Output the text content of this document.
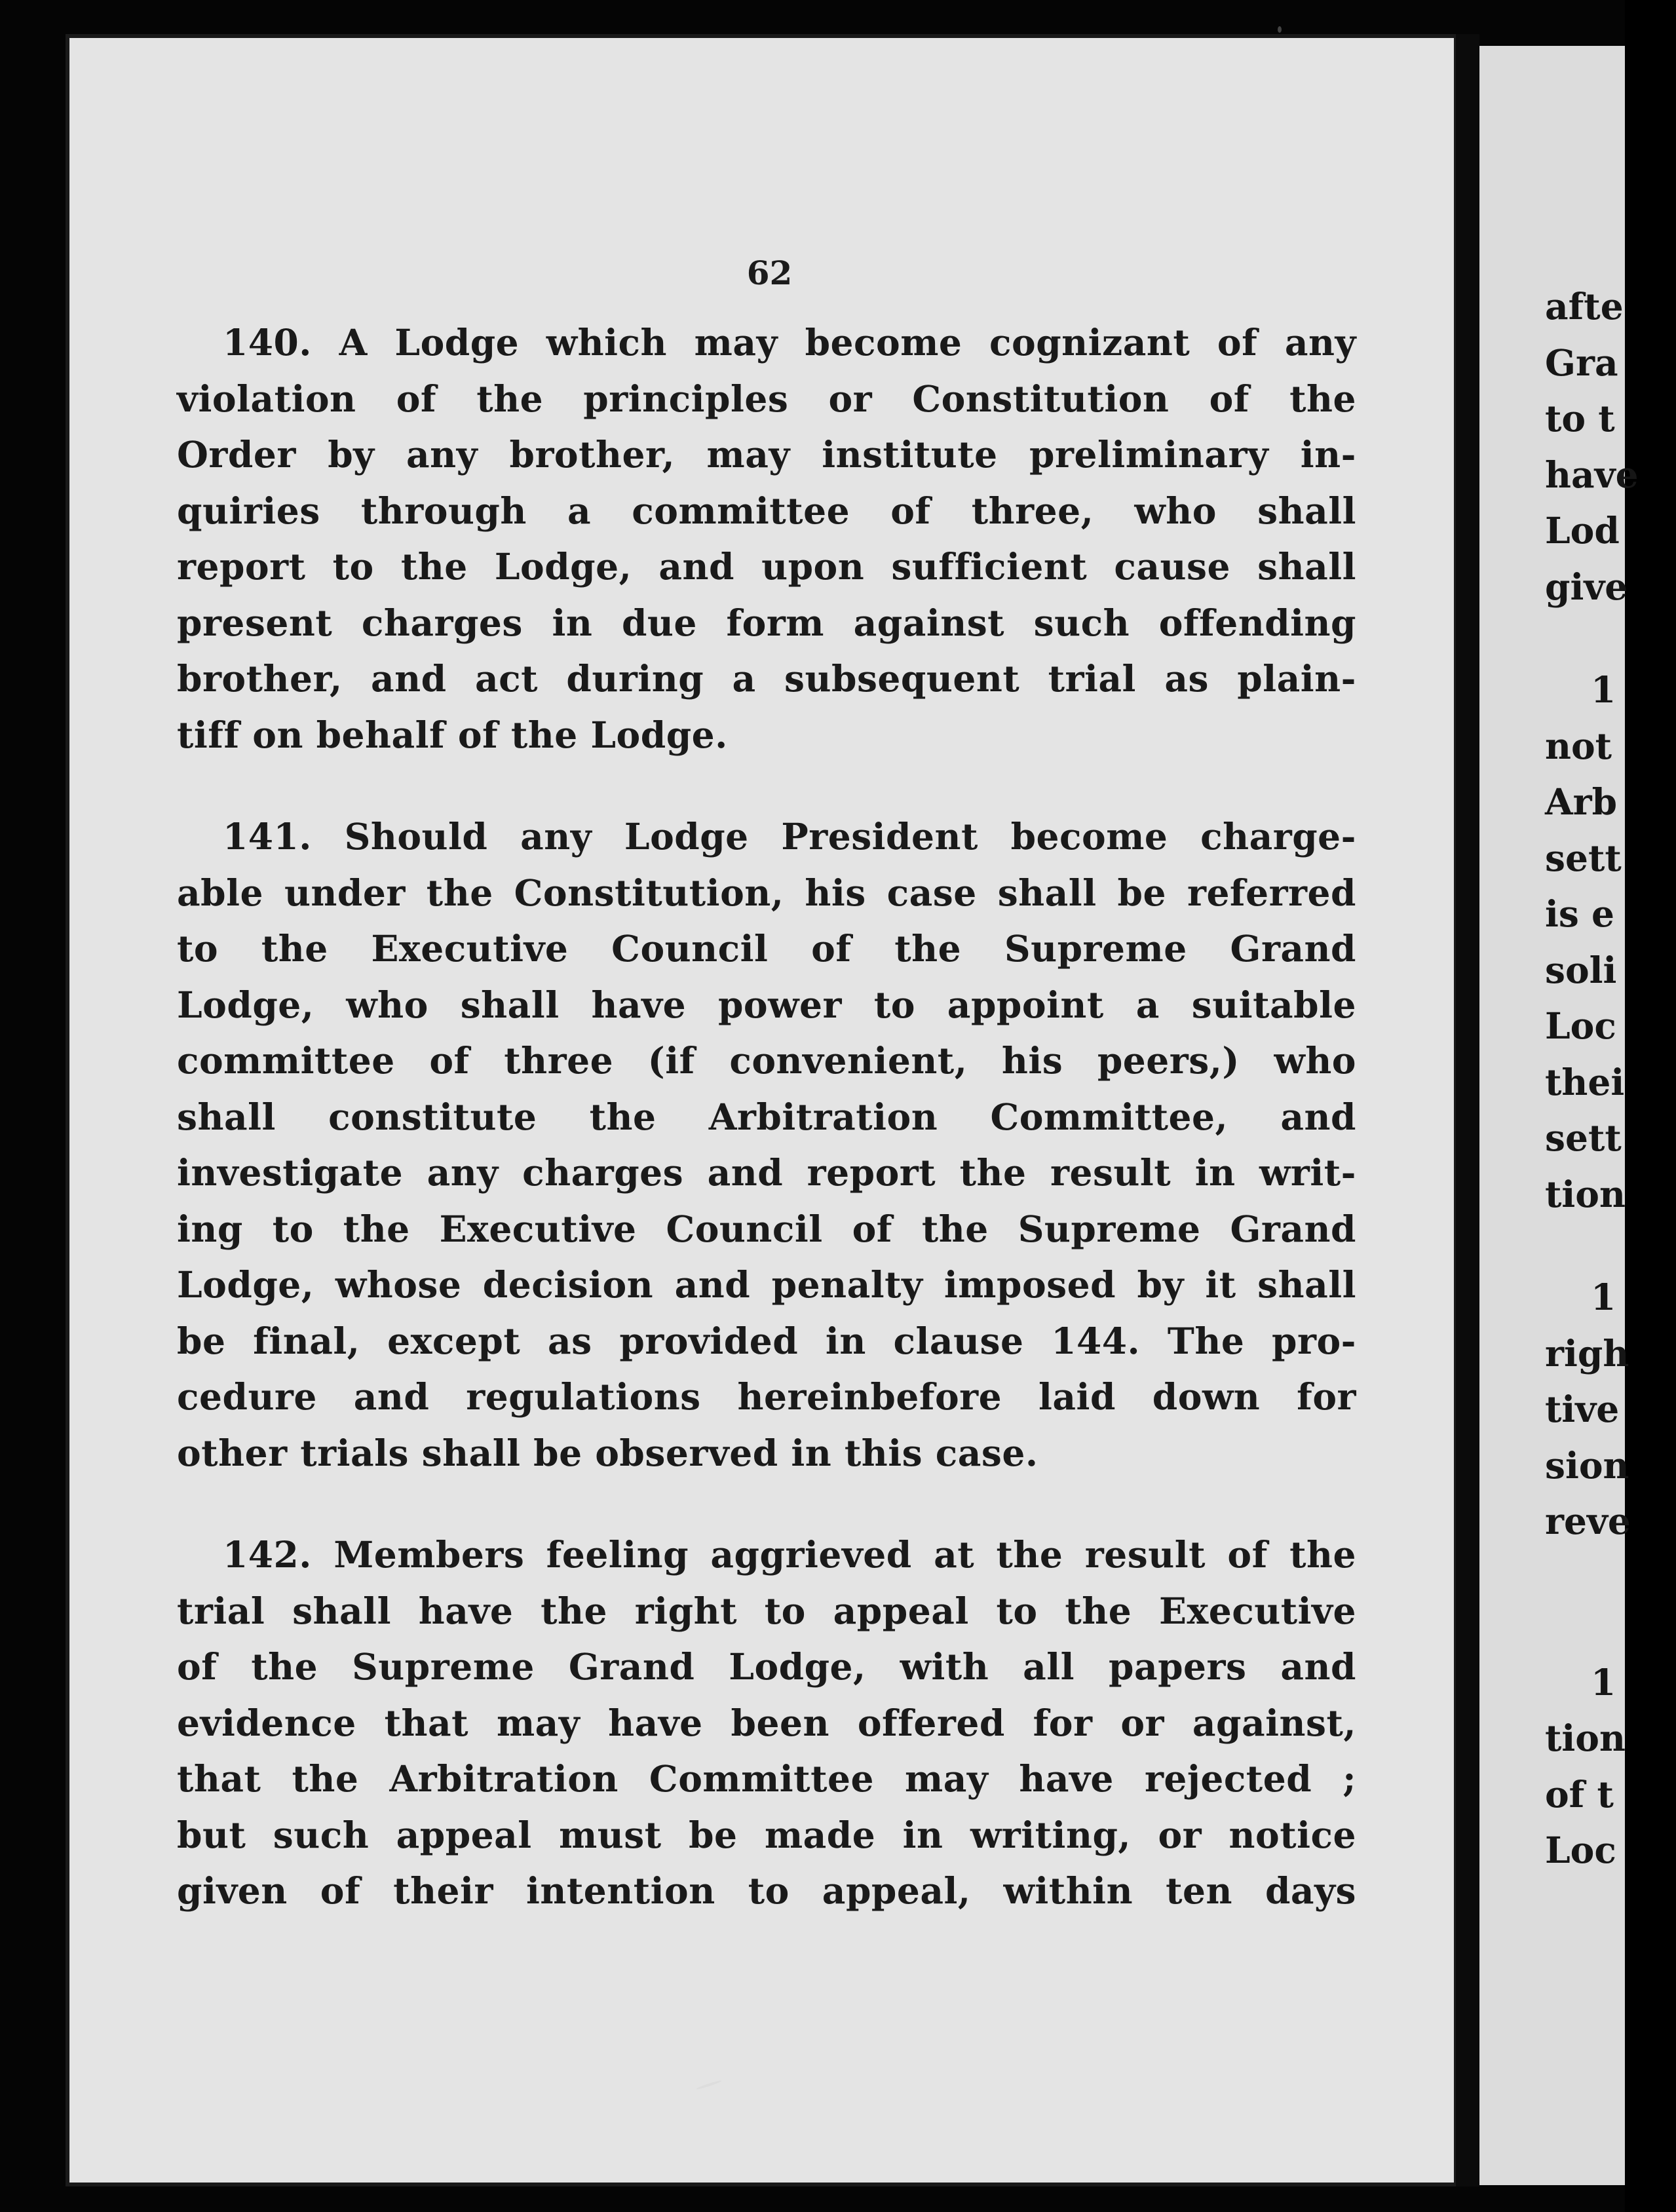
62
140. A Lodge which may become cognizant of any
violation of the principles or Constitution of the
Order by any brother, may institute preliminary in-
quiries through a committee of three, who shall
report to the Lodge, and upon sufficient cause shall
present charges in due form against such offending
brother, and act during a subsequent trial as plain-
tiff on behalf of the Lodge.
141. Should any Lodge President become charge-
able under the Constitution, his case shall be referred
to the Executive Council of the Supreme Grand
Lodge, who shall have power to appoint a suitable
committee of three (if convenient, his peers,) who
shall constitute the Arbitration Committee, and
investigate any charges and report the result in writ-
ing to the Executive Council of the Supreme Grand
Lodge, whose decision and penalty imposed by it shall
be final, except as provided in clause 144. The pro-
cedure and regulations hereinbefore laid down for
other trials shall be observed in this case.
142. Members feeling aggrieved at the result of the
trial shall have the right to appeal to the Executive
of the Supreme Grand Lodge, with all papers and
evidence that may have been offered for or against,
that the Arbitration Committee may have rejected ;
but such appeal must be made in writing, or notice
given of their intention to appeal, within ten days
afte
Gra
to t
have
Lod
give
1
not
Arb
sett
is e
soli
Loc
thei
sett
tion
1
righ
tive
sion
reve
1
tion
of t
Loc
